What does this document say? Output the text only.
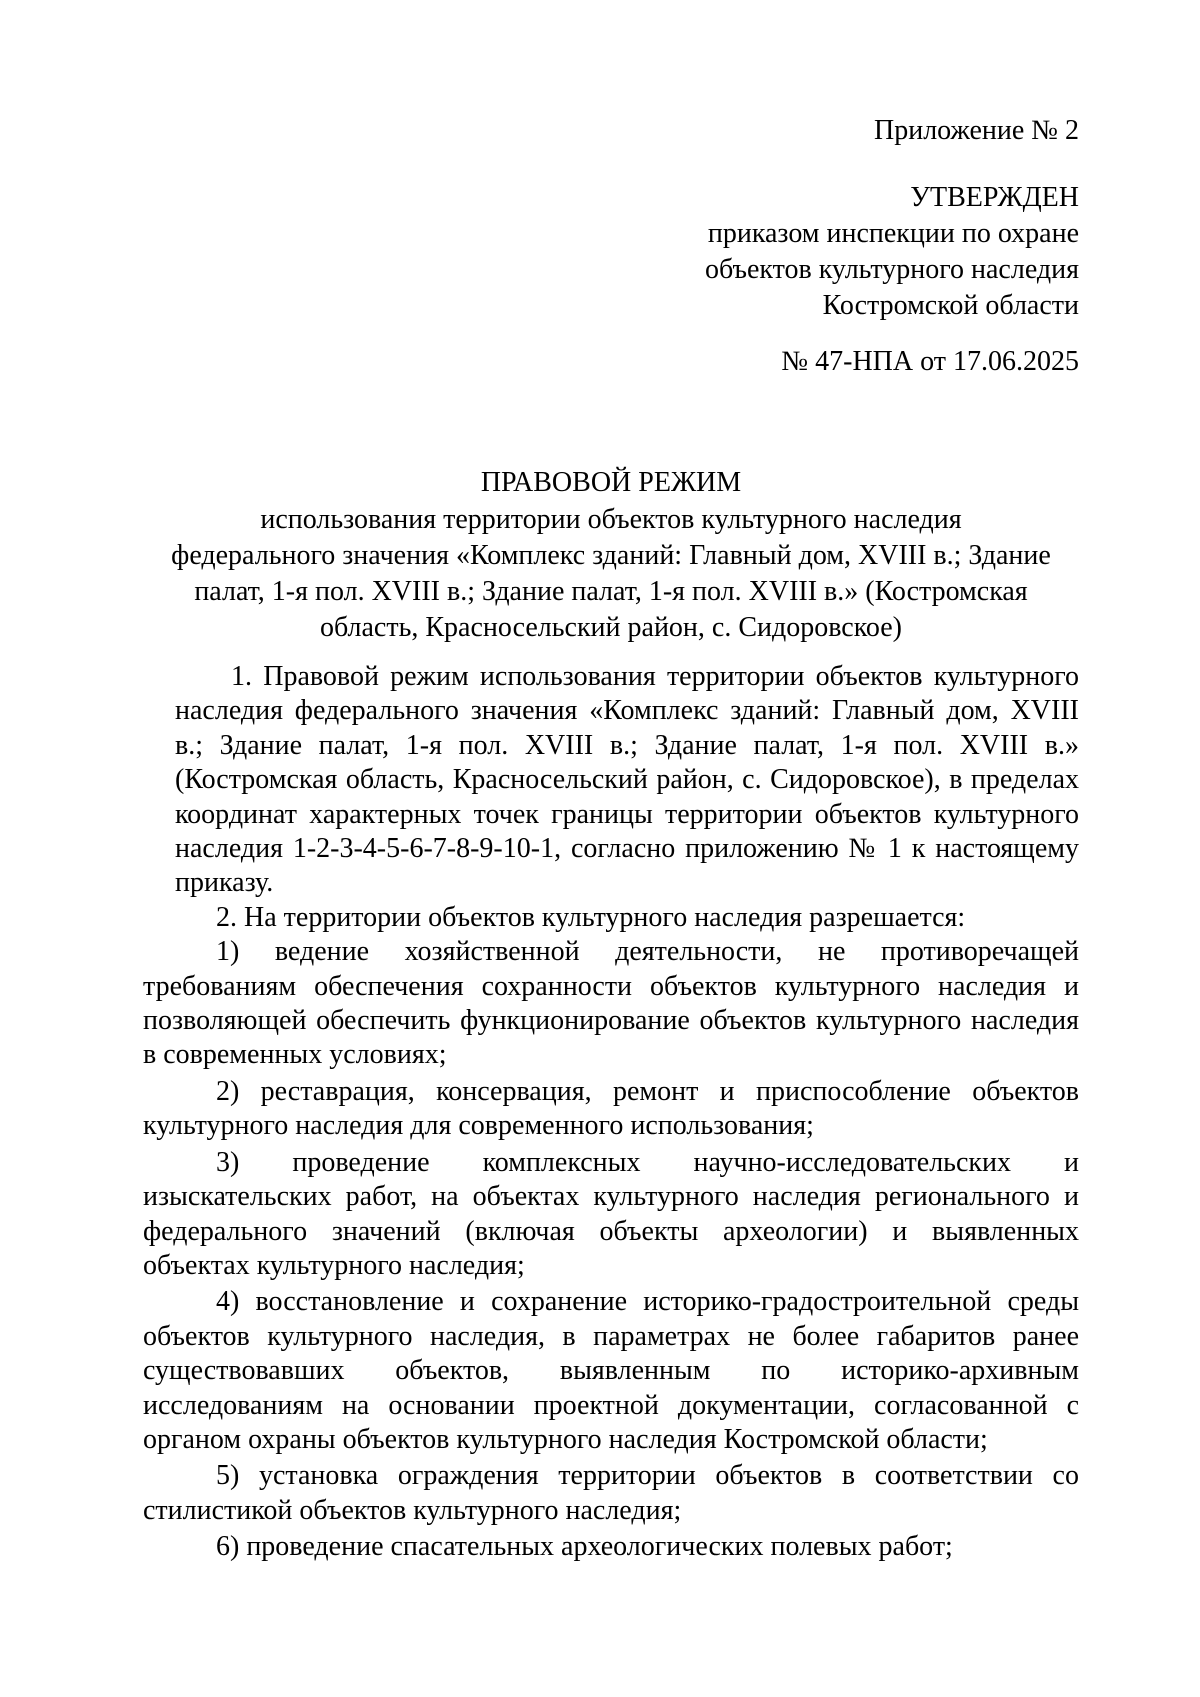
Приложение № 2
УТВЕРЖДЕН
приказом инспекции по охране
объектов культурного наследия
Костромской области
№ 47-НПА от 17.06.2025
ПРАВОВОЙ РЕЖИМ
использования территории объектов культурного наследия
федерального значения «Комплекс зданий: Главный дом, XVIII в.; Здание
палат, 1-я пол. XVIII в.; Здание палат, 1-я пол. XVIII в.» (Костромская
область, Красносельский район, с. Сидоровское)

1. Правовой режим использования территории объектов культурного наследия федерального значения «Комплекс зданий: Главный дом, XVIII в.; Здание палат, 1-я пол. XVIII в.; Здание палат, 1-я пол. XVIII в.» (Костромская область, Красносельский район, с. Сидоровское), в пределах координат характерных точек границы территории объектов культурного наследия 1-2-3-4-5-6-7-8-9-10-1, согласно приложению № 1 к настоящему приказу.

2. На территории объектов культурного наследия разрешается:

1) ведение хозяйственной деятельности, не противоречащей требованиям обеспечения сохранности объектов культурного наследия и позволяющей обеспечить функционирование объектов культурного наследия в современных условиях;

2) реставрация, консервация, ремонт и приспособление объектов культурного наследия для современного использования;

3) проведение комплексных научно-исследовательских и изыскательских работ, на объектах культурного наследия регионального и федерального значений (включая объекты археологии) и выявленных объектах культурного наследия;

4) восстановление и сохранение историко-градостроительной среды объектов культурного наследия, в параметрах не более габаритов ранее существовавших объектов, выявленным по историко-архивным исследованиям на основании проектной документации, согласованной с органом охраны объектов культурного наследия Костромской области;

5) установка ограждения территории объектов в соответствии со стилистикой объектов культурного наследия;

6) проведение спасательных археологических полевых работ;
